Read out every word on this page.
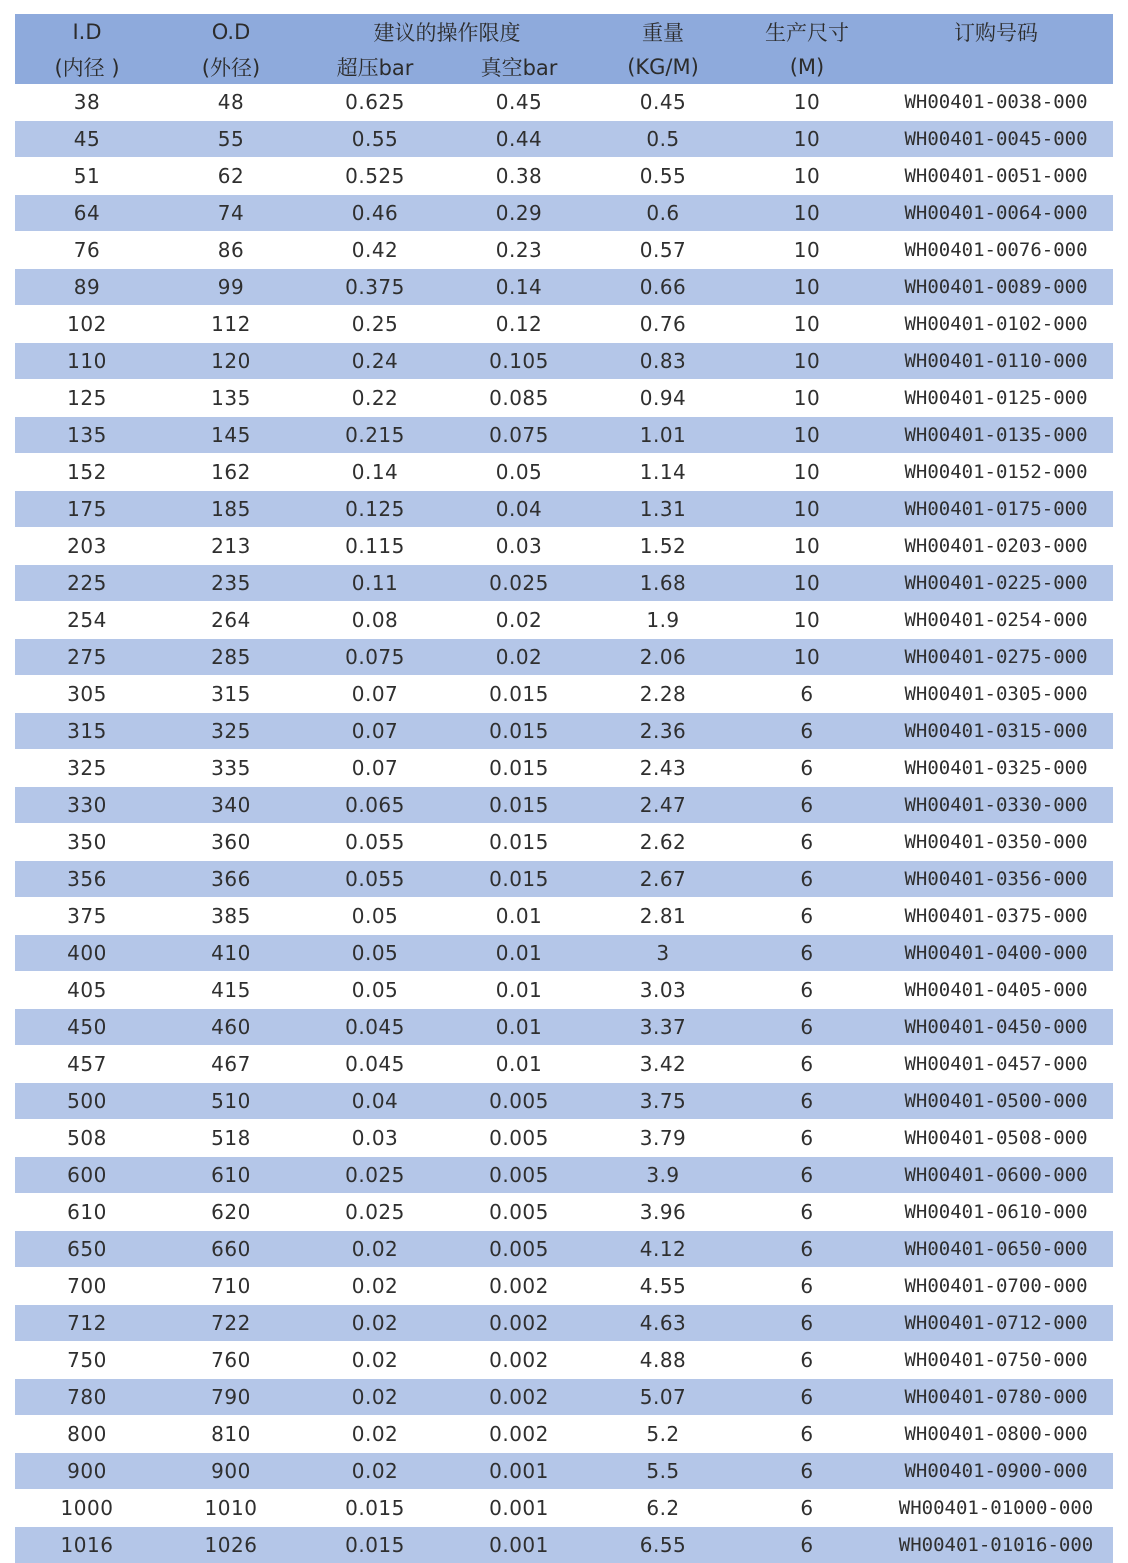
I.D	O.D	建议的操作限度		重量	生产尺寸	订购号码
(内径 )	(外径)	超压bar	真空bar	(KG/M)	(M)	
38	48	0.625	0.45	0.45	10	WH00401-0038-000
45	55	0.55	0.44	0.5	10	WH00401-0045-000
51	62	0.525	0.38	0.55	10	WH00401-0051-000
64	74	0.46	0.29	0.6	10	WH00401-0064-000
76	86	0.42	0.23	0.57	10	WH00401-0076-000
89	99	0.375	0.14	0.66	10	WH00401-0089-000
102	112	0.25	0.12	0.76	10	WH00401-0102-000
110	120	0.24	0.105	0.83	10	WH00401-0110-000
125	135	0.22	0.085	0.94	10	WH00401-0125-000
135	145	0.215	0.075	1.01	10	WH00401-0135-000
152	162	0.14	0.05	1.14	10	WH00401-0152-000
175	185	0.125	0.04	1.31	10	WH00401-0175-000
203	213	0.115	0.03	1.52	10	WH00401-0203-000
225	235	0.11	0.025	1.68	10	WH00401-0225-000
254	264	0.08	0.02	1.9	10	WH00401-0254-000
275	285	0.075	0.02	2.06	10	WH00401-0275-000
305	315	0.07	0.015	2.28	6	WH00401-0305-000
315	325	0.07	0.015	2.36	6	WH00401-0315-000
325	335	0.07	0.015	2.43	6	WH00401-0325-000
330	340	0.065	0.015	2.47	6	WH00401-0330-000
350	360	0.055	0.015	2.62	6	WH00401-0350-000
356	366	0.055	0.015	2.67	6	WH00401-0356-000
375	385	0.05	0.01	2.81	6	WH00401-0375-000
400	410	0.05	0.01	3	6	WH00401-0400-000
405	415	0.05	0.01	3.03	6	WH00401-0405-000
450	460	0.045	0.01	3.37	6	WH00401-0450-000
457	467	0.045	0.01	3.42	6	WH00401-0457-000
500	510	0.04	0.005	3.75	6	WH00401-0500-000
508	518	0.03	0.005	3.79	6	WH00401-0508-000
600	610	0.025	0.005	3.9	6	WH00401-0600-000
610	620	0.025	0.005	3.96	6	WH00401-0610-000
650	660	0.02	0.005	4.12	6	WH00401-0650-000
700	710	0.02	0.002	4.55	6	WH00401-0700-000
712	722	0.02	0.002	4.63	6	WH00401-0712-000
750	760	0.02	0.002	4.88	6	WH00401-0750-000
780	790	0.02	0.002	5.07	6	WH00401-0780-000
800	810	0.02	0.002	5.2	6	WH00401-0800-000
900	900	0.02	0.001	5.5	6	WH00401-0900-000
1000	1010	0.015	0.001	6.2	6	WH00401-01000-000
1016	1026	0.015	0.001	6.55	6	WH00401-01016-000
